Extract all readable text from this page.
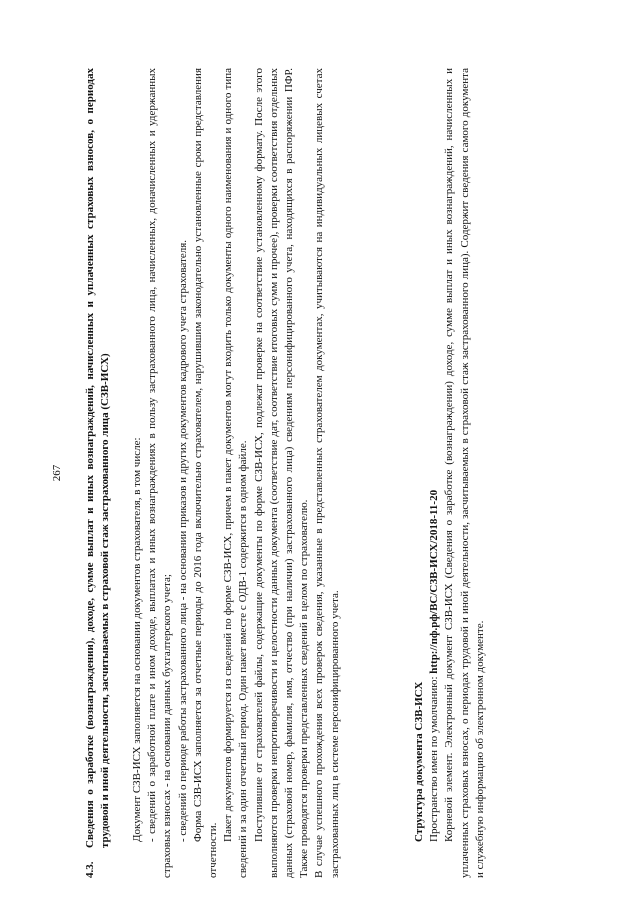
267
4.3.

Сведения о заработке (вознаграждении), доходе, сумме выплат и иных вознаграждений, начисленных и уплаченных страховых взносов, о периодах трудовой и иной деятельности, засчитываемых в страховой стаж застрахованного лица (СЗВ-ИСХ) Документ СЗВ-ИСХ заполняется на основании документов страхователя, в том числе: - сведений о заработной плате и ином доходе, выплатах и иных вознаграждениях в пользу застрахованного лица, начисленных, доначисленных и удержанных страховых взносах - на основании данных бухгалтерского учета; - сведений о периоде работы застрахованного лица - на основании приказов и других документов кадрового учета страхователя. Форма СЗВ-ИСХ заполняется за отчетные периоды до 2016 года включительно страхователем, нарушившим законодательно установленные сроки представления отчетности.

Пакет документов формируется из сведений по форме СЗВ-ИСХ, причем в пакет документов могут входить только документы одного наименования и одного типа сведений и за один отчетный период. Один пакет вместе с ОДВ-1 содержится в одном файле. Поступившие от страхователей файлы, содержащие документы по форме СЗВ-ИСХ, подлежат проверке на соответствие установленному формату. После этого выполняются проверки непротиворечивости и целостности данных документа (соответствие дат, соответствие итоговых сумм и прочее), проверки соответствия отдельных данных (страховой номер, фамилия, имя, отчество (при наличии) застрахованного лица) сведениям персонифицированного учета, находящихся в распоряжении ПФР. Также проводятся проверки представленных сведений в целом по страхователю. В случае успешного прохождения всех проверок сведения, указанные в представленных страхователем документах, учитываются на индивидуальных лицевых счетах застрахованных лиц в системе персонифицированного учета.	Структура документа СЗВ-ИСХ Пространство имен по умолчанию: http://пф.рф/ВС/СЗВ-ИСХ/2018-11-20 Корневой элемент. Электронный документ СЗВ-ИСХ (Сведения о заработке (вознаграждении) доходе, сумме выплат и иных вознаграждений, начисленных и уплаченных страховых взносах, о периодах трудовой и иной деятельности, засчитываемых в страховой стаж застрахованного лица). Содержит сведения самого документа и служебную информацию об электронном документе.
